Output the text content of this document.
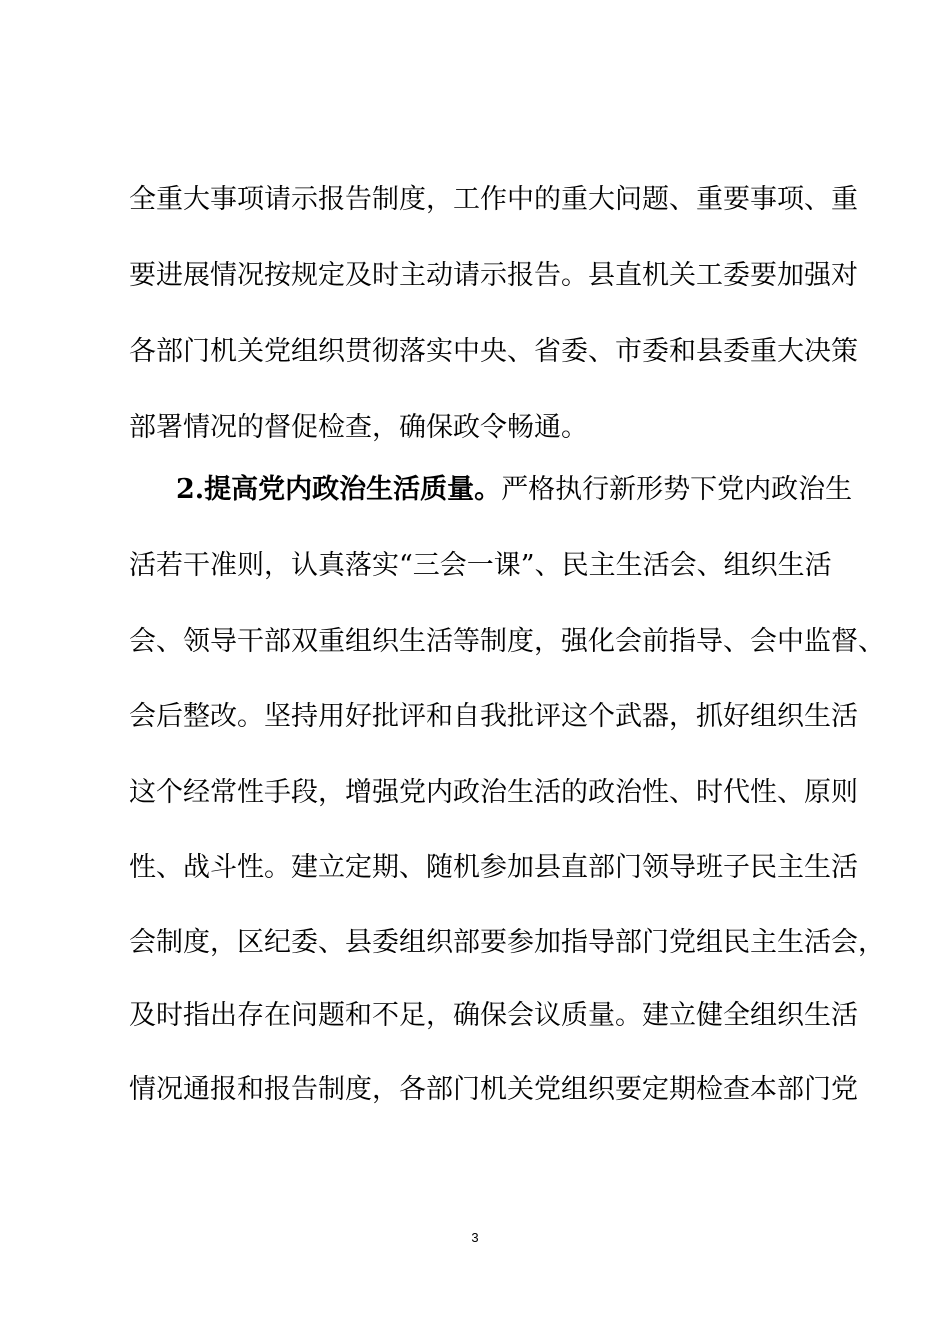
全重大事项请示报告制度，工作中的重大问题、重要事项、重
要进展情况按规定及时主动请示报告。县直机关工委要加强对
各部门机关党组织贯彻落实中央、省委、市委和县委重大决策
部署情况的督促检查，确保政令畅通。
2.提高党内政治生活质量。严格执行新形势下党内政治生
活若干准则，认真落实“三会一课”、民主生活会、组织生活
会、领导干部双重组织生活等制度，强化会前指导、会中监督、
会后整改。坚持用好批评和自我批评这个武器，抓好组织生活
这个经常性手段，增强党内政治生活的政治性、时代性、原则
性、战斗性。建立定期、随机参加县直部门领导班子民主生活
会制度，区纪委、县委组织部要参加指导部门党组民主生活会，
及时指出存在问题和不足，确保会议质量。建立健全组织生活
情况通报和报告制度，各部门机关党组织要定期检查本部门党
3
